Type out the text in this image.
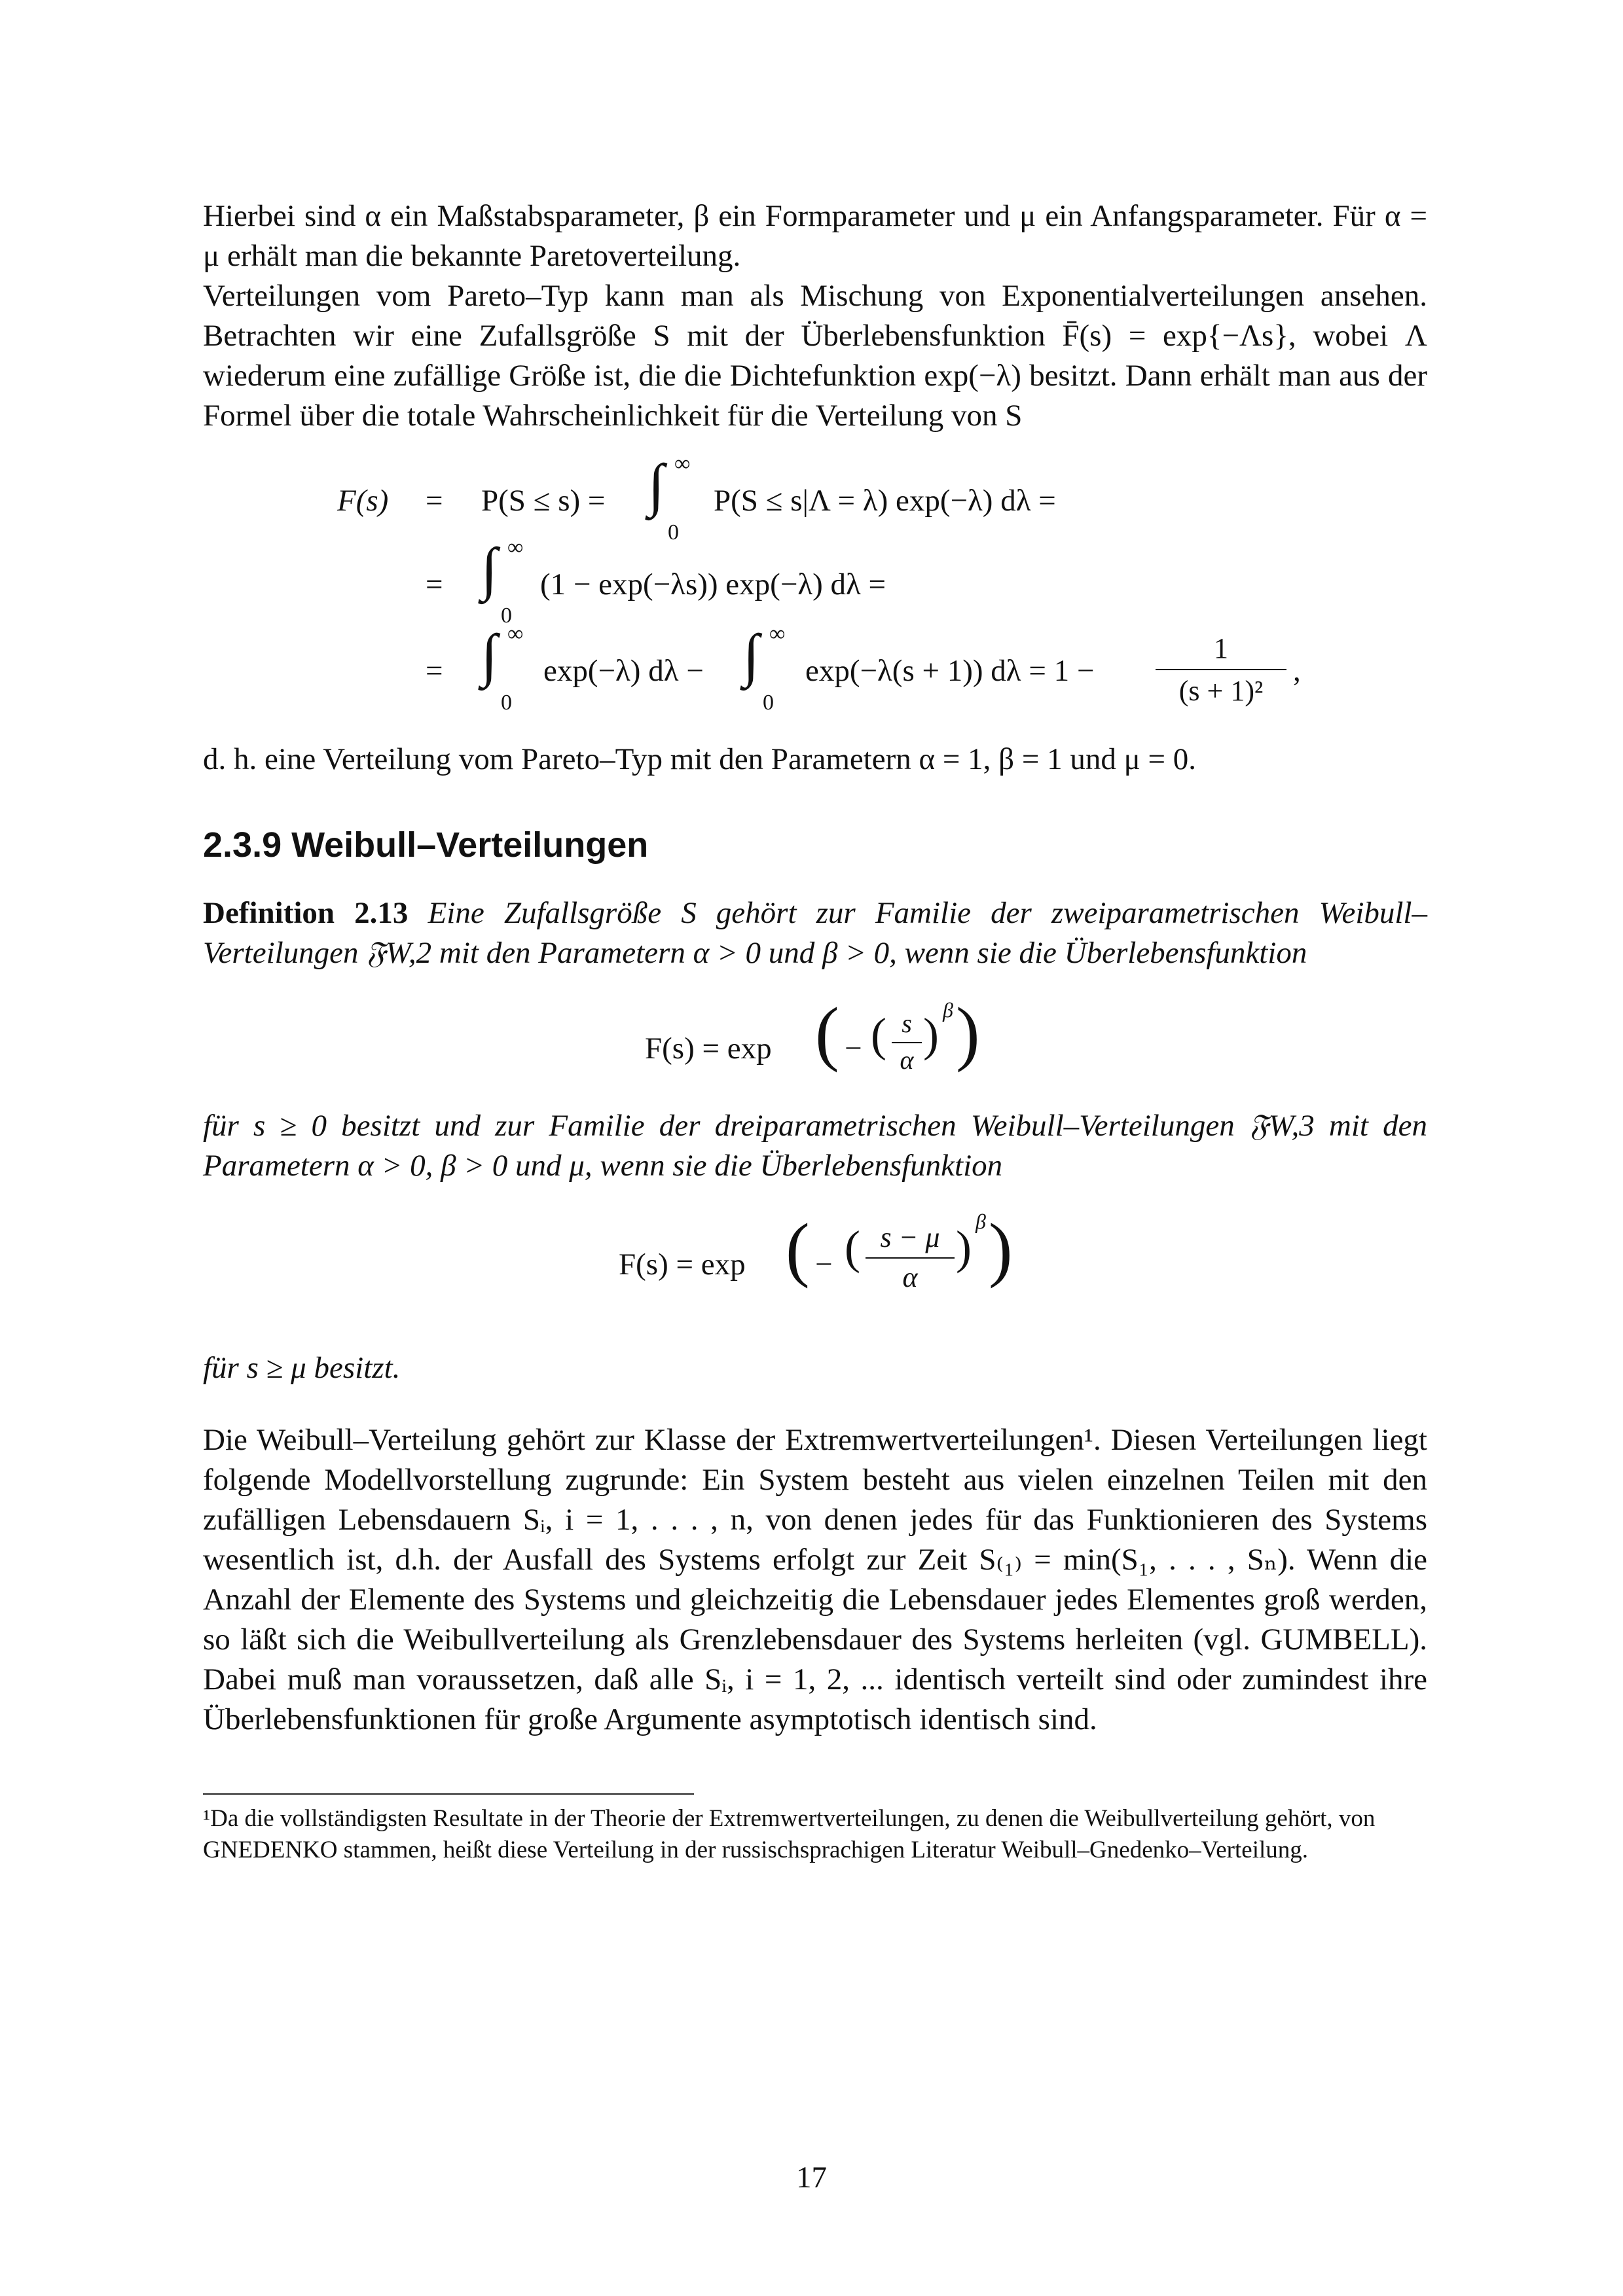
Hierbei sind α ein Maßstabsparameter, β ein Formparameter und μ ein Anfangsparameter. Für α = μ erhält man die bekannte Paretoverteilung.
Verteilungen vom Pareto–Typ kann man als Mischung von Exponentialverteilungen ansehen. Betrachten wir eine Zufallsgröße S mit der Überlebensfunktion F̄(s) = exp{−Λs}, wobei Λ wiederum eine zufällige Größe ist, die die Dichtefunktion exp(−λ) besitzt. Dann erhält man aus der Formel über die totale Wahrscheinlichkeit für die Verteilung von S
F(s) = P(S ≤ s) = ∫ ∞
0
P(S ≤ s|Λ = λ) exp(−λ) dλ =
= ∫ ∞
0
(1 − exp(−λs)) exp(−λ) dλ =
= ∫ ∞
0
exp(−λ) dλ − ∫ ∞
0
exp(−λ(s + 1)) dλ = 1 −
1
(s + 1)²
,
d. h. eine Verteilung vom Pareto–Typ mit den Parametern α = 1, β = 1 und μ = 0.
2.3.9 Weibull–Verteilungen
Definition 2.13 Eine Zufallsgröße S gehört zur Familie der zweiparametrischen Weibull–Verteilungen 𝔉W,2 mit den Parametern α > 0 und β > 0, wenn sie die Überlebensfunktion
F(s) = exp ( − ( s
α ) β )
für s ≥ 0 besitzt und zur Familie der dreiparametrischen Weibull–Verteilungen 𝔉W,3 mit den Parametern α > 0, β > 0 und μ, wenn sie die Überlebensfunktion
F(s) = exp ( − ( s − μ
α
) β )
für s ≥ μ besitzt.
Die Weibull–Verteilung gehört zur Klasse der Extremwertverteilungen¹. Diesen Verteilungen liegt folgende Modellvorstellung zugrunde: Ein System besteht aus vielen einzelnen Teilen mit den zufälligen Lebensdauern Sᵢ, i = 1, . . . , n, von denen jedes für das Funktionieren des Systems wesentlich ist, d.h. der Ausfall des Systems erfolgt zur Zeit S₍₁₎ = min(S₁, . . . , Sₙ). Wenn die Anzahl der Elemente des Systems und gleichzeitig die Lebensdauer jedes Elementes groß werden, so läßt sich die Weibullverteilung als Grenzlebensdauer des Systems herleiten (vgl. GUMBELL). Dabei muß man voraussetzen, daß alle Sᵢ, i = 1, 2, ... identisch verteilt sind oder zumindest ihre Überlebensfunktionen für große Argumente asymptotisch identisch sind.
¹Da die vollständigsten Resultate in der Theorie der Extremwertverteilungen, zu denen die Weibullverteilung gehört, von GNEDENKO stammen, heißt diese Verteilung in der russischsprachigen Literatur Weibull–Gnedenko–Verteilung.
17
